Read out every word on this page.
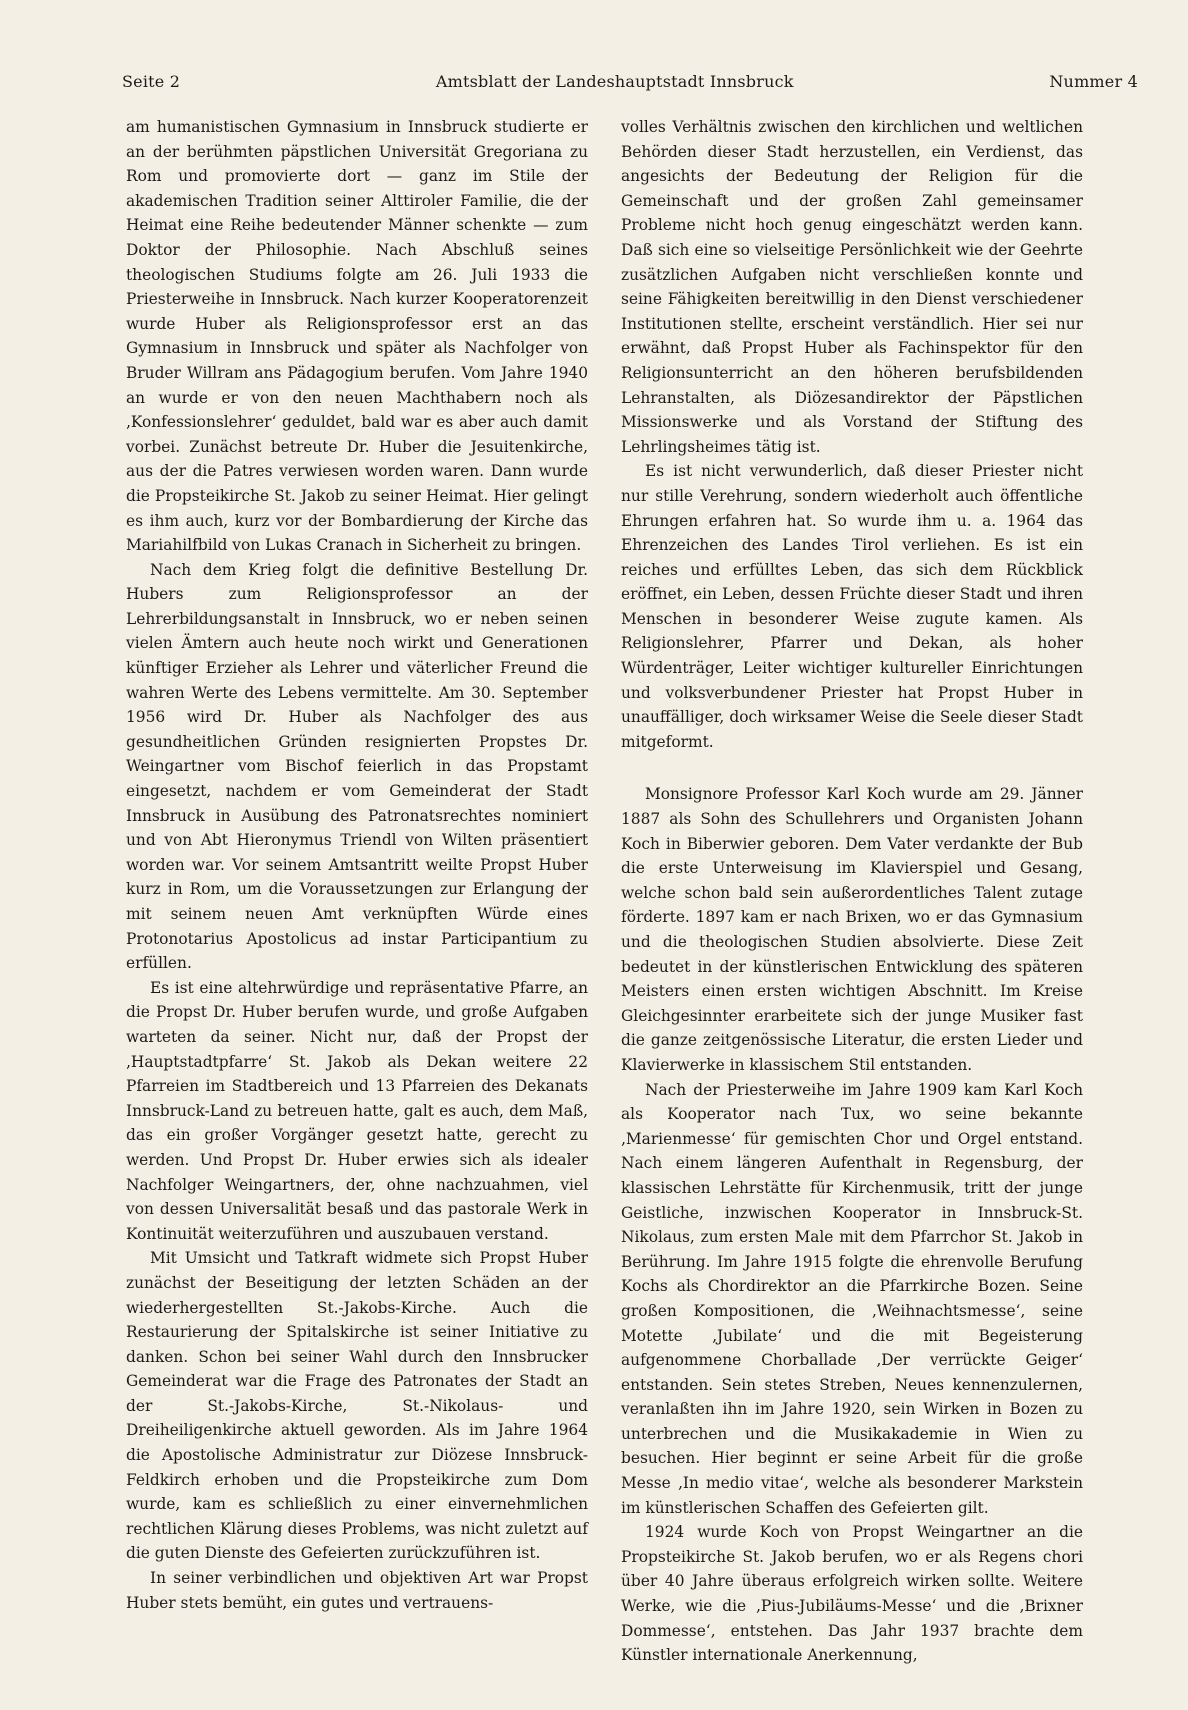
Seite 2	Amtsblatt der Landeshauptstadt Innsbruck	Nummer 4

am humanistischen Gymnasium in Innsbruck studierte er an der berühmten päpstlichen Universität Gregoriana zu Rom und promovierte dort — ganz im Stile der akademischen Tradition seiner Alttiroler Familie, die der Heimat eine Reihe bedeutender Männer schenkte — zum Doktor der Philosophie. Nach Abschluß seines theologischen Studiums folgte am 26. Juli 1933 die Priesterweihe in Innsbruck. Nach kurzer Kooperatorenzeit wurde Huber als Religionsprofessor erst an das Gymnasium in Innsbruck und später als Nachfolger von Bruder Willram ans Pädagogium berufen. Vom Jahre 1940 an wurde er von den neuen Machthabern noch als ‚Konfessionslehrer‘ geduldet, bald war es aber auch damit vorbei. Zunächst betreute Dr. Huber die Jesuitenkirche, aus der die Patres verwiesen worden waren. Dann wurde die Propsteikirche St. Jakob zu seiner Heimat. Hier gelingt es ihm auch, kurz vor der Bombardierung der Kirche das Mariahilfbild von Lukas Cranach in Sicherheit zu bringen.

Nach dem Krieg folgt die definitive Bestellung Dr. Hubers zum Religionsprofessor an der Lehrerbildungsanstalt in Innsbruck, wo er neben seinen vielen Ämtern auch heute noch wirkt und Generationen künftiger Erzieher als Lehrer und väterlicher Freund die wahren Werte des Lebens vermittelte. Am 30. September 1956 wird Dr. Huber als Nachfolger des aus gesundheitlichen Gründen resignierten Propstes Dr. Weingartner vom Bischof feierlich in das Propstamt eingesetzt, nachdem er vom Gemeinderat der Stadt Innsbruck in Ausübung des Patronatsrechtes nominiert und von Abt Hieronymus Triendl von Wilten präsentiert worden war. Vor seinem Amtsantritt weilte Propst Huber kurz in Rom, um die Voraussetzungen zur Erlangung der mit seinem neuen Amt verknüpften Würde eines Protonotarius Apostolicus ad instar Participantium zu erfüllen.

Es ist eine altehrwürdige und repräsentative Pfarre, an die Propst Dr. Huber berufen wurde, und große Aufgaben warteten da seiner. Nicht nur, daß der Propst der ‚Hauptstadtpfarre‘ St. Jakob als Dekan weitere 22 Pfarreien im Stadtbereich und 13 Pfarreien des Dekanats Innsbruck-Land zu betreuen hatte, galt es auch, dem Maß, das ein großer Vorgänger gesetzt hatte, gerecht zu werden. Und Propst Dr. Huber erwies sich als idealer Nachfolger Weingartners, der, ohne nachzuahmen, viel von dessen Universalität besaß und das pastorale Werk in Kontinuität weiterzuführen und auszubauen verstand.

Mit Umsicht und Tatkraft widmete sich Propst Huber zunächst der Beseitigung der letzten Schäden an der wiederhergestellten St.-Jakobs-Kirche. Auch die Restaurierung der Spitalskirche ist seiner Initiative zu danken. Schon bei seiner Wahl durch den Innsbrucker Gemeinderat war die Frage des Patronates der Stadt an der St.-Jakobs-Kirche, St.-Nikolaus- und Dreiheiligenkirche aktuell geworden. Als im Jahre 1964 die Apostolische Administratur zur Diözese Innsbruck-Feldkirch erhoben und die Propsteikirche zum Dom wurde, kam es schließlich zu einer einvernehmlichen rechtlichen Klärung dieses Problems, was nicht zuletzt auf die guten Dienste des Gefeierten zurückzuführen ist.

In seiner verbindlichen und objektiven Art war Propst Huber stets bemüht, ein gutes und vertrauens-

volles Verhältnis zwischen den kirchlichen und weltlichen Behörden dieser Stadt herzustellen, ein Verdienst, das angesichts der Bedeutung der Religion für die Gemeinschaft und der großen Zahl gemeinsamer Probleme nicht hoch genug eingeschätzt werden kann. Daß sich eine so vielseitige Persönlichkeit wie der Geehrte zusätzlichen Aufgaben nicht verschließen konnte und seine Fähigkeiten bereitwillig in den Dienst verschiedener Institutionen stellte, erscheint verständlich. Hier sei nur erwähnt, daß Propst Huber als Fachinspektor für den Religionsunterricht an den höheren berufsbildenden Lehranstalten, als Diözesandirektor der Päpstlichen Missionswerke und als Vorstand der Stiftung des Lehrlingsheimes tätig ist.

Es ist nicht verwunderlich, daß dieser Priester nicht nur stille Verehrung, sondern wiederholt auch öffentliche Ehrungen erfahren hat. So wurde ihm u. a. 1964 das Ehrenzeichen des Landes Tirol verliehen. Es ist ein reiches und erfülltes Leben, das sich dem Rückblick eröffnet, ein Leben, dessen Früchte dieser Stadt und ihren Menschen in besonderer Weise zugute kamen. Als Religionslehrer, Pfarrer und Dekan, als hoher Würdenträger, Leiter wichtiger kultureller Einrichtungen und volksverbundener Priester hat Propst Huber in unauffälliger, doch wirksamer Weise die Seele dieser Stadt mitgeformt.

Monsignore Professor Karl Koch wurde am 29. Jänner 1887 als Sohn des Schullehrers und Organisten Johann Koch in Biberwier geboren. Dem Vater verdankte der Bub die erste Unterweisung im Klavierspiel und Gesang, welche schon bald sein außerordentliches Talent zutage förderte. 1897 kam er nach Brixen, wo er das Gymnasium und die theologischen Studien absolvierte. Diese Zeit bedeutet in der künstlerischen Entwicklung des späteren Meisters einen ersten wichtigen Abschnitt. Im Kreise Gleichgesinnter erarbeitete sich der junge Musiker fast die ganze zeitgenössische Literatur, die ersten Lieder und Klavierwerke in klassischem Stil entstanden.

Nach der Priesterweihe im Jahre 1909 kam Karl Koch als Kooperator nach Tux, wo seine bekannte ‚Marienmesse‘ für gemischten Chor und Orgel entstand. Nach einem längeren Aufenthalt in Regensburg, der klassischen Lehrstätte für Kirchenmusik, tritt der junge Geistliche, inzwischen Kooperator in Innsbruck-St. Nikolaus, zum ersten Male mit dem Pfarrchor St. Jakob in Berührung. Im Jahre 1915 folgte die ehrenvolle Berufung Kochs als Chordirektor an die Pfarrkirche Bozen. Seine großen Kompositionen, die ‚Weihnachtsmesse‘, seine Motette ‚Jubilate‘ und die mit Begeisterung aufgenommene Chorballade ‚Der verrückte Geiger‘ entstanden. Sein stetes Streben, Neues kennenzulernen, veranlaßten ihn im Jahre 1920, sein Wirken in Bozen zu unterbrechen und die Musikakademie in Wien zu besuchen. Hier beginnt er seine Arbeit für die große Messe ‚In medio vitae‘, welche als besonderer Markstein im künstlerischen Schaffen des Gefeierten gilt.

1924 wurde Koch von Propst Weingartner an die Propsteikirche St. Jakob berufen, wo er als Regens chori über 40 Jahre überaus erfolgreich wirken sollte. Weitere Werke, wie die ‚Pius-Jubiläums-Messe‘ und die ‚Brixner Dommesse‘, entstehen. Das Jahr 1937 brachte dem Künstler internationale Anerkennung,
